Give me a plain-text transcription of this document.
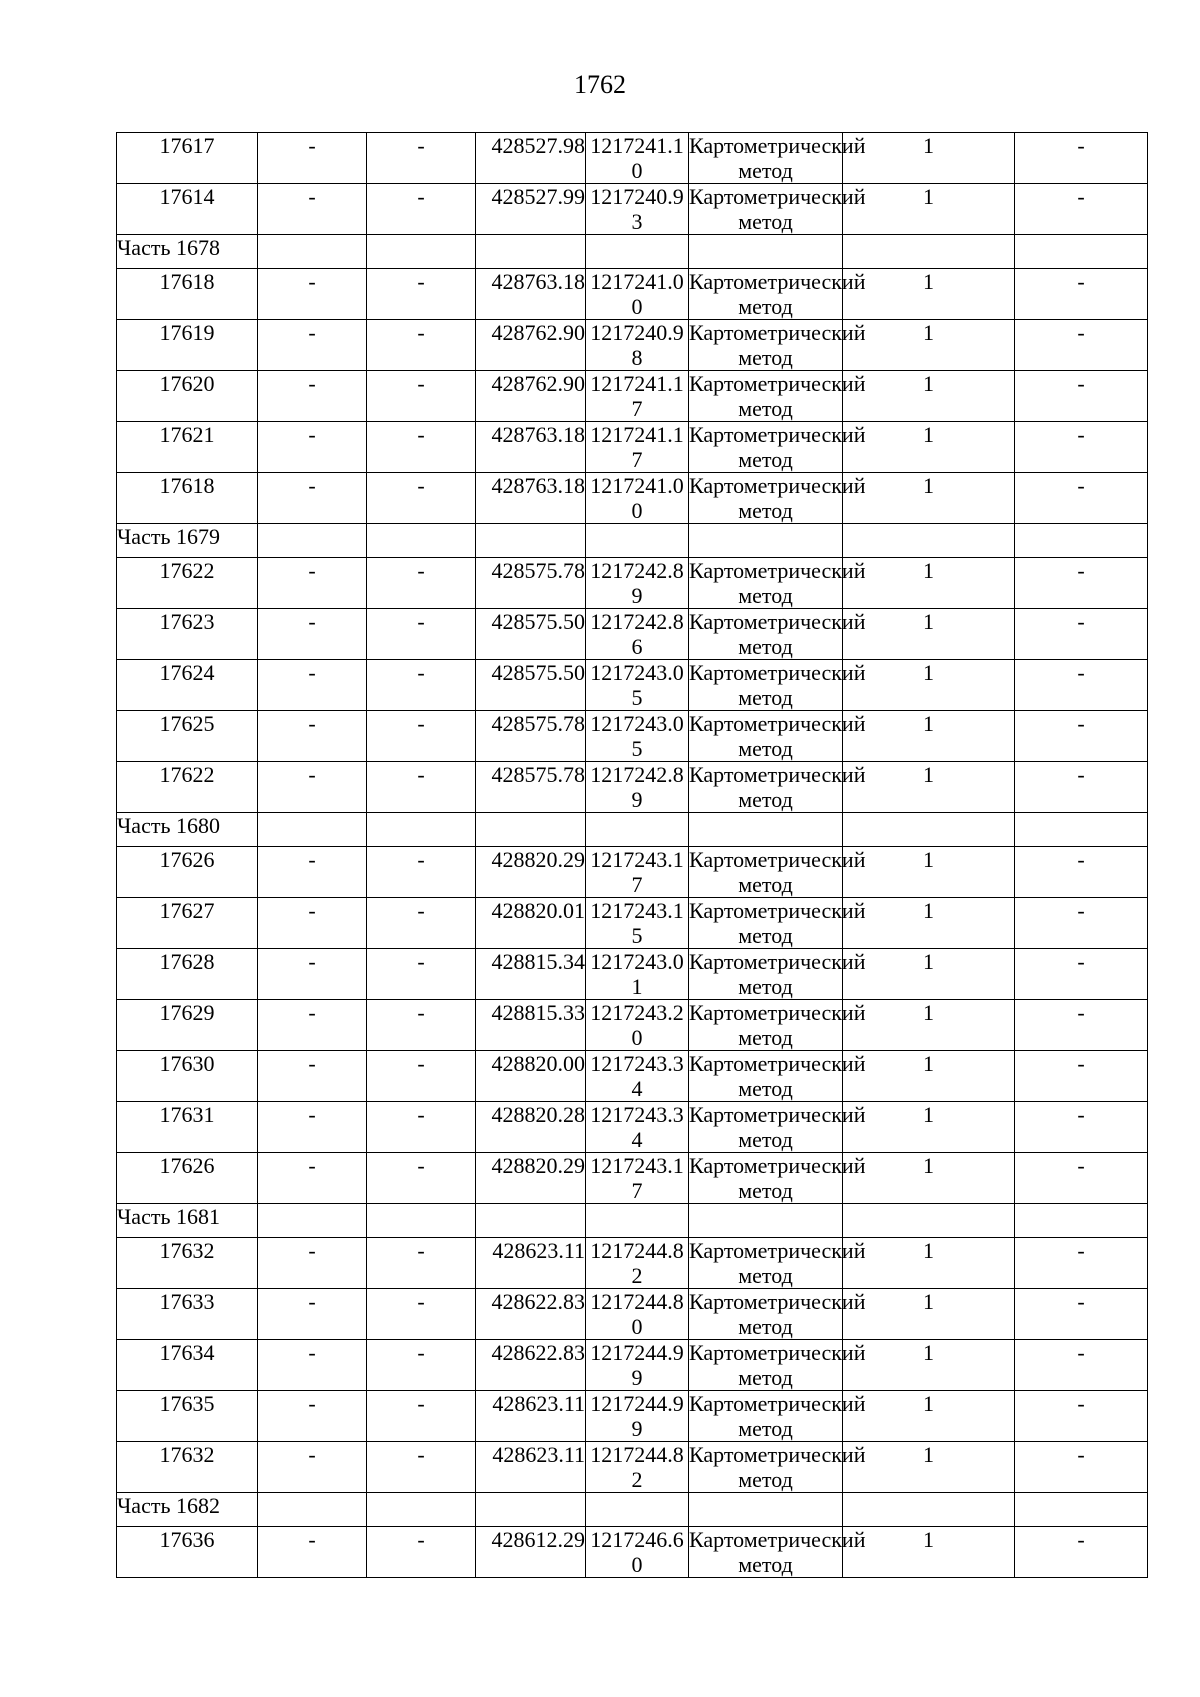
1762
17617	-	-	428527.98	1217241.10	Картометрический метод	1	-
17614	-	-	428527.99	1217240.93	Картометрический метод	1	-
Часть 1678							
17618	-	-	428763.18	1217241.00	Картометрический метод	1	-
17619	-	-	428762.90	1217240.98	Картометрический метод	1	-
17620	-	-	428762.90	1217241.17	Картометрический метод	1	-
17621	-	-	428763.18	1217241.17	Картометрический метод	1	-
17618	-	-	428763.18	1217241.00	Картометрический метод	1	-
Часть 1679							
17622	-	-	428575.78	1217242.89	Картометрический метод	1	-
17623	-	-	428575.50	1217242.86	Картометрический метод	1	-
17624	-	-	428575.50	1217243.05	Картометрический метод	1	-
17625	-	-	428575.78	1217243.05	Картометрический метод	1	-
17622	-	-	428575.78	1217242.89	Картометрический метод	1	-
Часть 1680							
17626	-	-	428820.29	1217243.17	Картометрический метод	1	-
17627	-	-	428820.01	1217243.15	Картометрический метод	1	-
17628	-	-	428815.34	1217243.01	Картометрический метод	1	-
17629	-	-	428815.33	1217243.20	Картометрический метод	1	-
17630	-	-	428820.00	1217243.34	Картометрический метод	1	-
17631	-	-	428820.28	1217243.34	Картометрический метод	1	-
17626	-	-	428820.29	1217243.17	Картометрический метод	1	-
Часть 1681							
17632	-	-	428623.11	1217244.82	Картометрический метод	1	-
17633	-	-	428622.83	1217244.80	Картометрический метод	1	-
17634	-	-	428622.83	1217244.99	Картометрический метод	1	-
17635	-	-	428623.11	1217244.99	Картометрический метод	1	-
17632	-	-	428623.11	1217244.82	Картометрический метод	1	-
Часть 1682							
17636	-	-	428612.29	1217246.60	Картометрический метод	1	-
